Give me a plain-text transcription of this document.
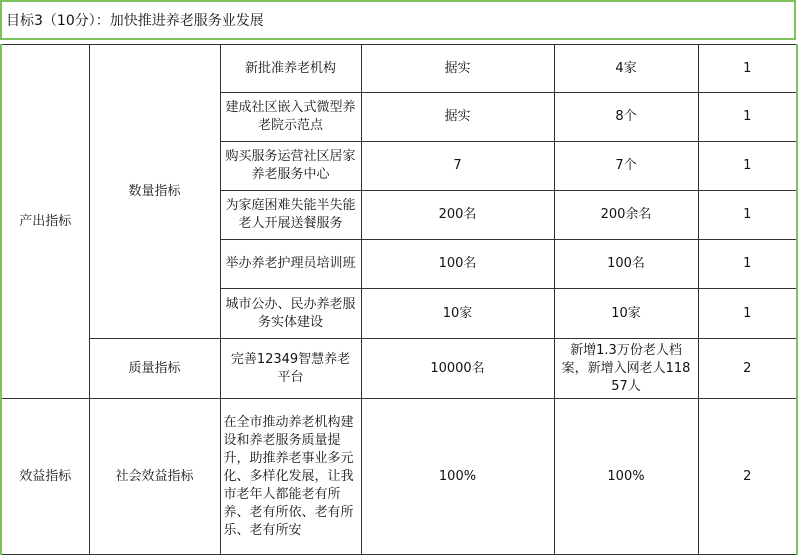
目标3（10分）：加快推进养老服务业发展
产出指标	数量指标	新批准养老机构	据实	4家	1

		建成社区嵌入式微型养老院示范点	据实	8个	1

		购买服务运营社区居家养老服务中心	7	7个	1

		为家庭困难失能半失能老人开展送餐服务	200名	200余名	1

		举办养老护理员培训班	100名	100名	1

		城市公办、民办养老服务实体建设	10家	10家	1
	质量指标	完善12349智慧养老平台	10000名	新增1.3万份老人档案，新增入网老人11857人	2
效益指标	社会效益指标	在全市推动养老机构建设和养老服务质量提升，助推养老事业多元化、多样化发展，让我市老年人都能老有所养、老有所依、老有所乐、老有所安	100%	100%	2
